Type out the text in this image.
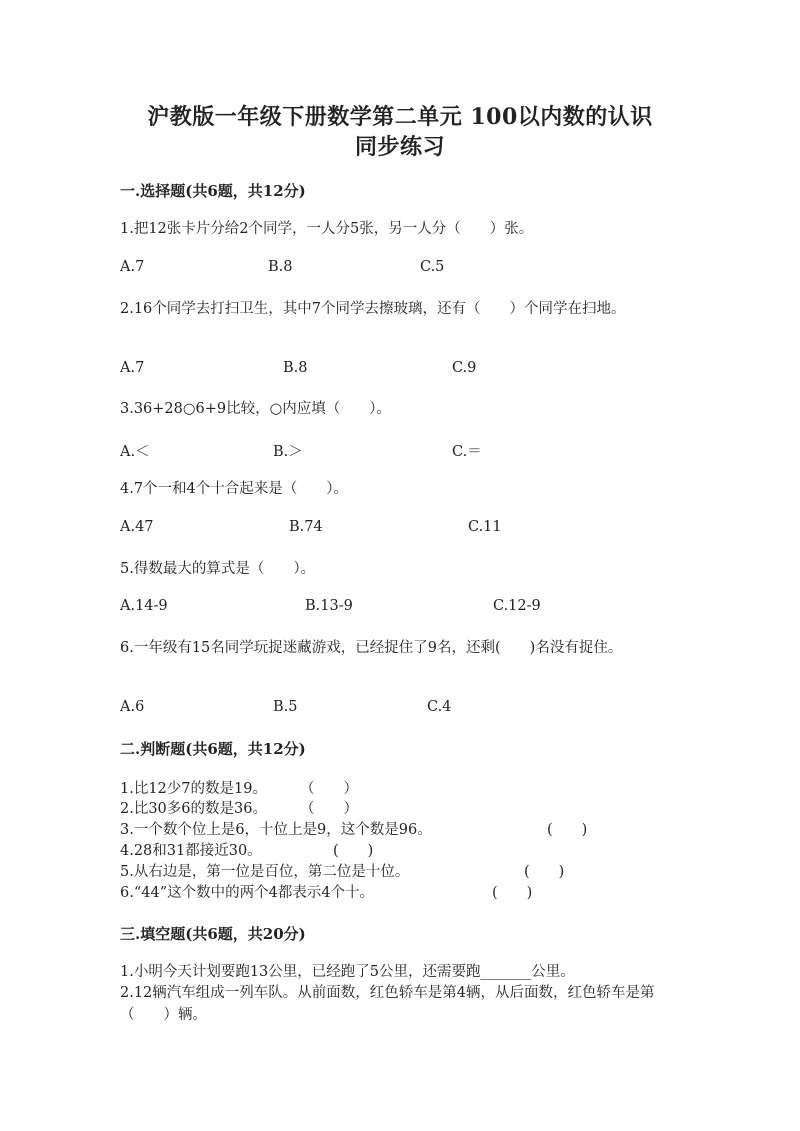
沪教版一年级下册数学第二单元 100以内数的认识
同步练习
一.选择题(共6题，共12分)
1.把12张卡片分给2个同学，一人分5张，另一人分（　　）张。
A.7	B.8	C.5
2.16个同学去打扫卫生，其中7个同学去擦玻璃，还有（　　）个同学在扫地。
A.7	B.8	C.9
3.36+28○6+9比较，○内应填（　　）。
A.＜	B.＞	C.＝
4.7个一和4个十合起来是（　　）。
A.47	B.74	C.11
5.得数最大的算式是（　　）。
A.14-9	B.13-9	C.12-9
6.一年级有15名同学玩捉迷藏游戏，已经捉住了9名，还剩(　　)名没有捉住。
A.6	B.5	C.4
二.判断题(共6题，共12分)
1.比12少7的数是19。 （　　）
2.比30多6的数是36。 （　　）
3.一个数个位上是6，十位上是9，这个数是96。	(　　)
4.28和31都接近30。	(　　)
5.从右边是，第一位是百位，第二位是十位。	(　　)
6.“44”这个数中的两个4都表示4个十。	(　　)
三.填空题(共6题，共20分)
1.小明今天计划要跑13公里，已经跑了5公里，还需要跑_______公里。
2.12辆汽车组成一列车队。从前面数，红色轿车是第4辆，从后面数，红色轿车是第（　　）辆。
